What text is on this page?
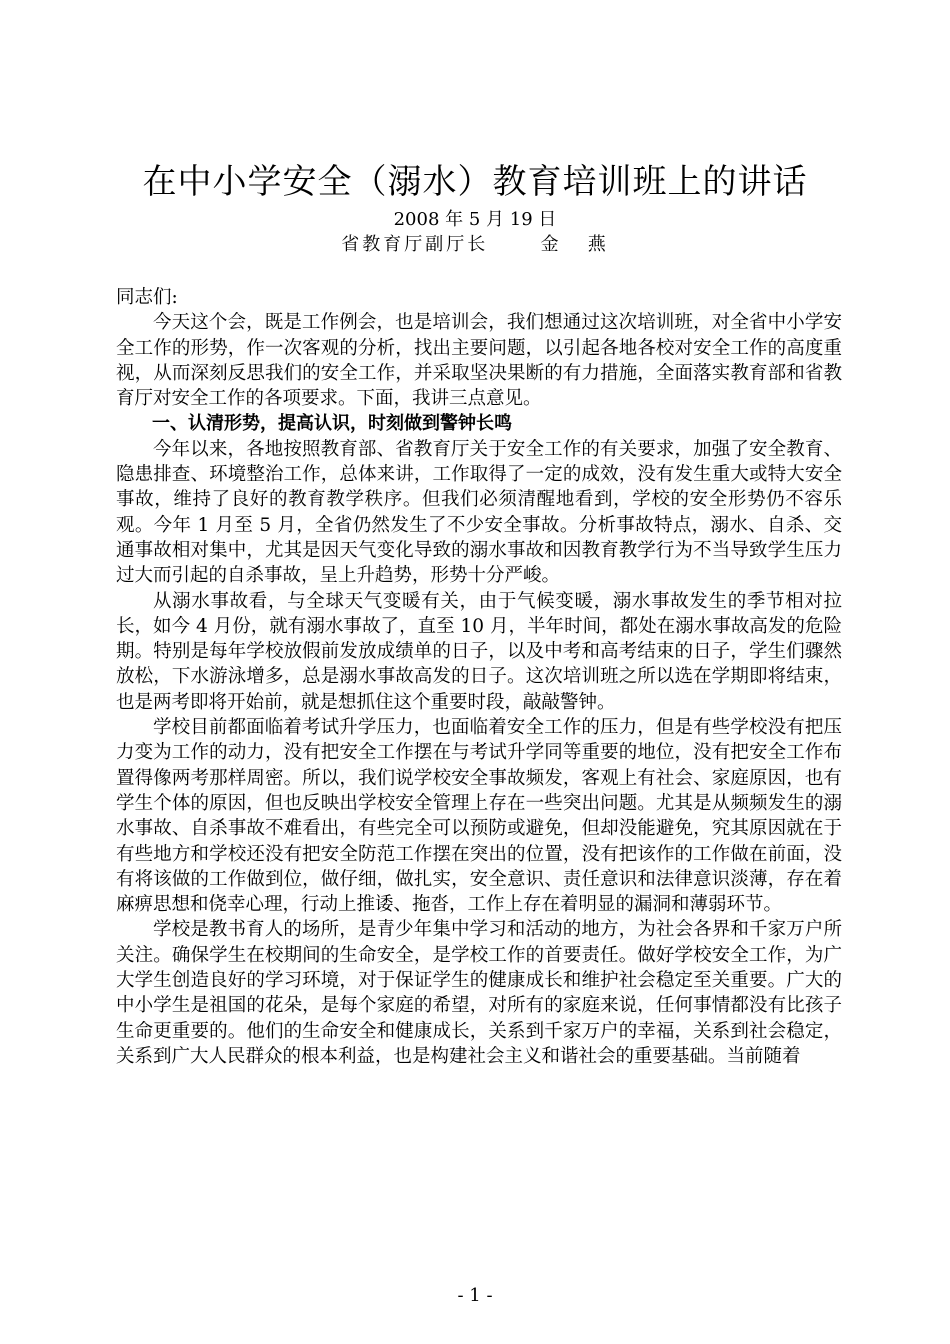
在中小学安全（溺水）教育培训班上的讲话
2008 年 5 月 19 日
省教育厅副厅长      金   燕

同志们:

今天这个会，既是工作例会，也是培训会，我们想通过这次培训班，对全省中小学安全工作的形势，作一次客观的分析，找出主要问题，以引起各地各校对安全工作的高度重视，从而深刻反思我们的安全工作，并采取坚决果断的有力措施，全面落实教育部和省教育厅对安全工作的各项要求。下面，我讲三点意见。

一、认清形势，提高认识，时刻做到警钟长鸣

今年以来，各地按照教育部、省教育厅关于安全工作的有关要求，加强了安全教育、隐患排查、环境整治工作，总体来讲，工作取得了一定的成效，没有发生重大或特大安全事故，维持了良好的教育教学秩序。但我们必须清醒地看到，学校的安全形势仍不容乐观。今年 1 月至 5 月，全省仍然发生了不少安全事故。分析事故特点，溺水、自杀、交通事故相对集中，尤其是因天气变化导致的溺水事故和因教育教学行为不当导致学生压力过大而引起的自杀事故，呈上升趋势，形势十分严峻。

从溺水事故看，与全球天气变暖有关，由于气候变暖，溺水事故发生的季节相对拉长，如今 4 月份，就有溺水事故了，直至 10 月，半年时间，都处在溺水事故高发的危险期。特别是每年学校放假前发放成绩单的日子，以及中考和高考结束的日子，学生们骤然放松，下水游泳增多，总是溺水事故高发的日子。这次培训班之所以选在学期即将结束，也是两考即将开始前，就是想抓住这个重要时段，敲敲警钟。

学校目前都面临着考试升学压力，也面临着安全工作的压力，但是有些学校没有把压力变为工作的动力，没有把安全工作摆在与考试升学同等重要的地位，没有把安全工作布置得像两考那样周密。所以，我们说学校安全事故频发，客观上有社会、家庭原因，也有学生个体的原因，但也反映出学校安全管理上存在一些突出问题。尤其是从频频发生的溺水事故、自杀事故不难看出，有些完全可以预防或避免，但却没能避免，究其原因就在于有些地方和学校还没有把安全防范工作摆在突出的位置，没有把该作的工作做在前面，没有将该做的工作做到位，做仔细，做扎实，安全意识、责任意识和法律意识淡薄，存在着麻痹思想和侥幸心理，行动上推诿、拖沓，工作上存在着明显的漏洞和薄弱环节。

学校是教书育人的场所，是青少年集中学习和活动的地方，为社会各界和千家万户所关注。确保学生在校期间的生命安全，是学校工作的首要责任。做好学校安全工作，为广大学生创造良好的学习环境，对于保证学生的健康成长和维护社会稳定至关重要。广大的中小学生是祖国的花朵，是每个家庭的希望，对所有的家庭来说，任何事情都没有比孩子生命更重要的。他们的生命安全和健康成长，关系到千家万户的幸福，关系到社会稳定，关系到广大人民群众的根本利益，也是构建社会主义和谐社会的重要基础。当前随着

- 1 -
